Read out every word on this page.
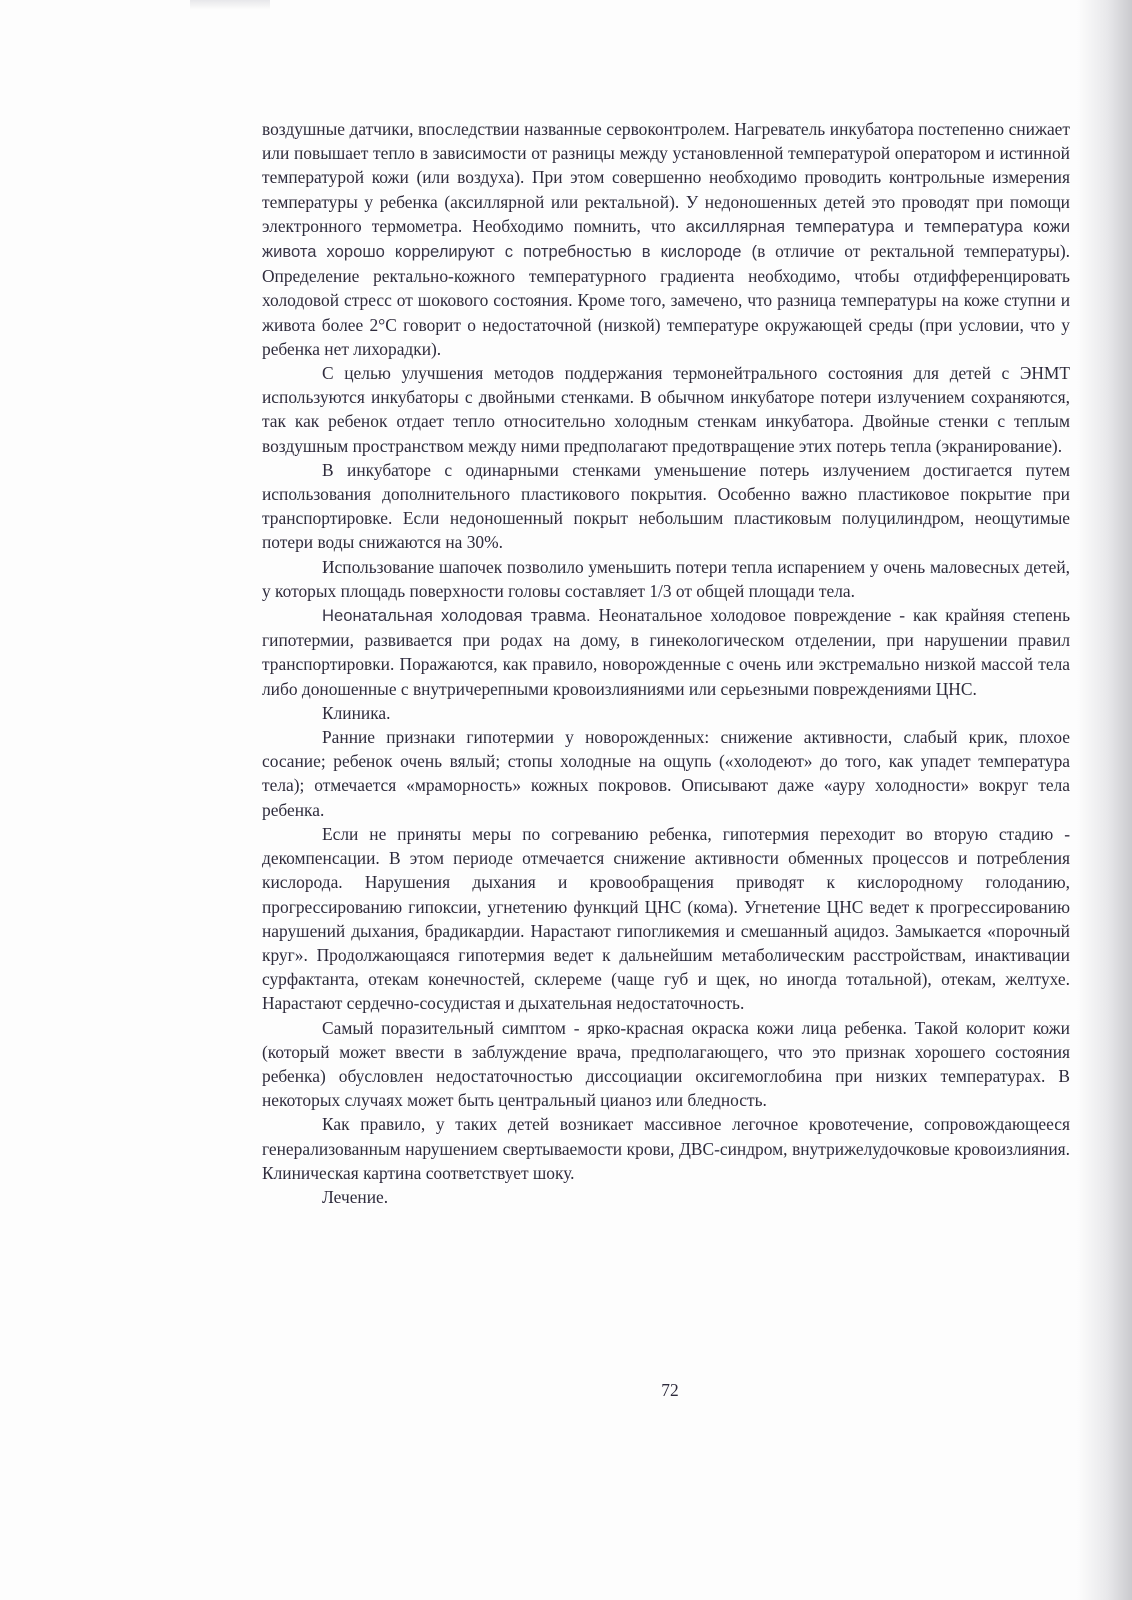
воздушные датчики, впоследствии названные сервоконтролем. Нагреватель инкубатора постепенно снижает или повышает тепло в зависимости от разницы между установленной температурой оператором и истинной температурой кожи (или воздуха). При этом совершенно необходимо проводить контрольные измерения температуры у ребенка (аксиллярной или ректальной). У недоношенных детей это проводят при помощи электронного термометра. Необходимо помнить, что аксиллярная температура и температура кожи живота хорошо коррелируют с потребностью в кислороде (в отличие от ректальной температуры). Определение ректально-кожного температурного градиента необходимо, чтобы отдифференцировать холодовой стресс от шокового состояния. Кроме того, замечено, что разница температуры на коже ступни и живота более 2°С говорит о недостаточной (низкой) температуре окружающей среды (при условии, что у ребенка нет лихорадки).

С целью улучшения методов поддержания термонейтрального состояния для детей с ЭНМТ используются инкубаторы с двойными стенками. В обычном инкубаторе потери излучением сохраняются, так как ребенок отдает тепло относительно холодным стенкам инкубатора. Двойные стенки с теплым воздушным пространством между ними предполагают предотвращение этих потерь тепла (экранирование).

В инкубаторе с одинарными стенками уменьшение потерь излучением достигается путем использования дополнительного пластикового покрытия. Особенно важно пластиковое покрытие при транспортировке. Если недоношенный покрыт небольшим пластиковым полуцилиндром, неощутимые потери воды снижаются на 30%.

Использование шапочек позволило уменьшить потери тепла испарением у очень маловесных детей, у которых площадь поверхности головы составляет 1/3 от общей площади тела.

Неонатальная холодовая травма. Неонатальное холодовое повреждение - как крайняя степень гипотермии, развивается при родах на дому, в гинекологическом отделении, при нарушении правил транспортировки. Поражаются, как правило, новорожденные с очень или экстремально низкой массой тела либо доношенные с внутричерепными кровоизлияниями или серьезными повреждениями ЦНС.

Клиника.

Ранние признаки гипотермии у новорожденных: снижение активности, слабый крик, плохое сосание; ребенок очень вялый; стопы холодные на ощупь («холодеют» до того, как упадет температура тела); отмечается «мраморность» кожных покровов. Описывают даже «ауру холодности» вокруг тела ребенка.

Если не приняты меры по согреванию ребенка, гипотермия переходит во вторую стадию - декомпенсации. В этом периоде отмечается снижение активности обменных процессов и потребления кислорода. Нарушения дыхания и кровообращения приводят к кислородному голоданию, прогрессированию гипоксии, угнетению функций ЦНС (кома). Угнетение ЦНС ведет к прогрессированию нарушений дыхания, брадикардии. Нарастают гипогликемия и смешанный ацидоз. Замыкается «порочный круг». Продолжающаяся гипотермия ведет к дальнейшим метаболическим расстройствам, инактивации сурфактанта, отекам конечностей, склереме (чаще губ и щек, но иногда тотальной), отекам, желтухе. Нарастают сердечно-сосудистая и дыхательная недостаточность.

Самый поразительный симптом - ярко-красная окраска кожи лица ребенка. Такой колорит кожи (который может ввести в заблуждение врача, предполагающего, что это признак хорошего состояния ребенка) обусловлен недостаточностью диссоциации оксигемоглобина при низких температурах. В некоторых случаях может быть центральный цианоз или бледность.

Как правило, у таких детей возникает массивное легочное кровотечение, сопровождающееся генерализованным нарушением свертываемости крови, ДВС-синдром, внутрижелудочковые кровоизлияния. Клиническая картина соответствует шоку.

Лечение.

72
